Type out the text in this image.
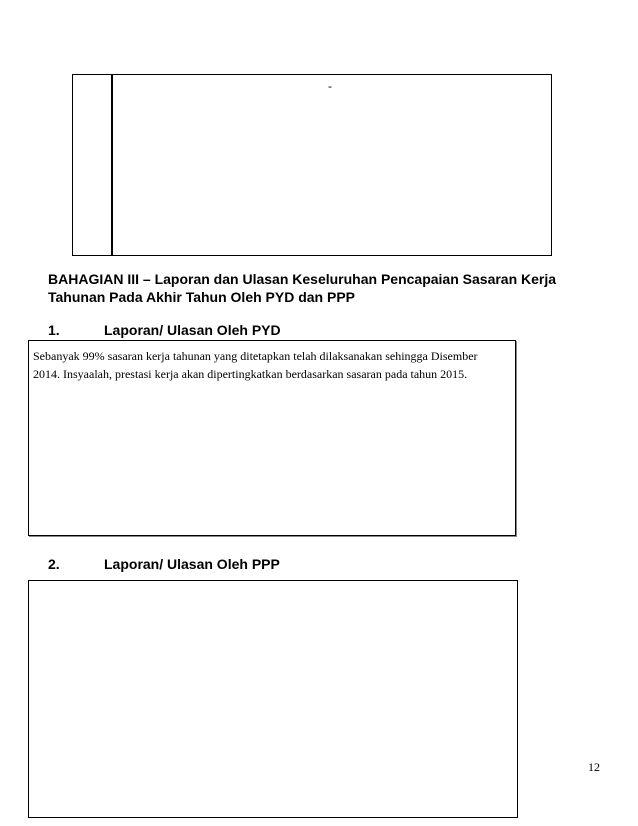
-
BAHAGIAN III – Laporan dan Ulasan Keseluruhan Pencapaian Sasaran Kerja
Tahunan Pada Akhir Tahun Oleh PYD dan PPP
1.	Laporan/ Ulasan Oleh PYD
Sebanyak 99% sasaran kerja tahunan yang ditetapkan telah dilaksanakan sehingga Disember
2014. Insyaalah, prestasi kerja akan dipertingkatkan berdasarkan sasaran pada tahun 2015.
2.	Laporan/ Ulasan Oleh PPP
12
